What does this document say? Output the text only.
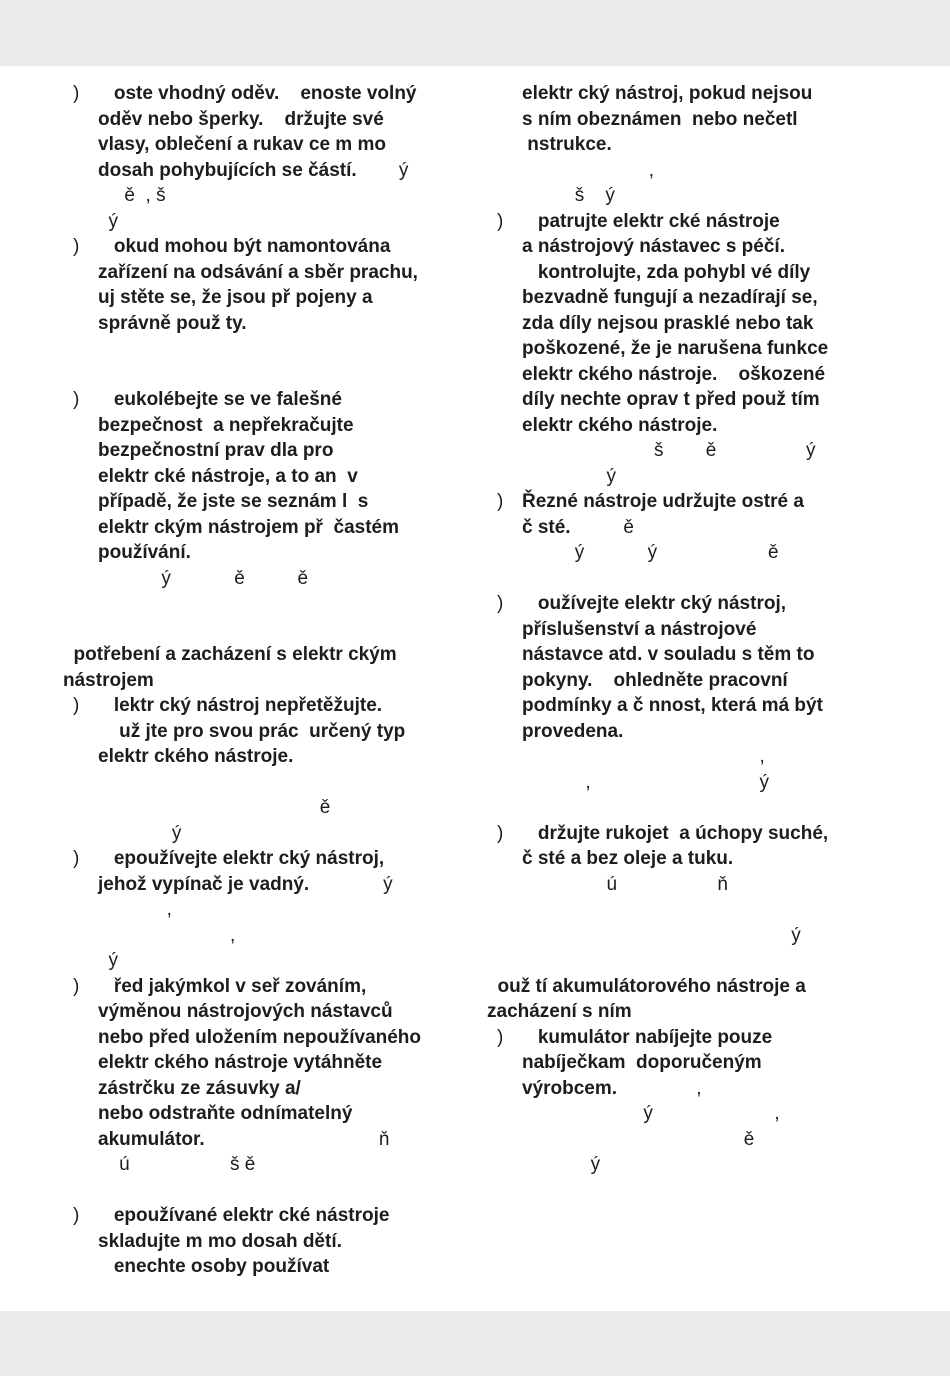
) oste vhodný oděv.    enoste volný
oděv nebo šperky.    držujte své
vlasy, oblečení a rukav ce m mo
dosah pohybujících se částí.        ý
ě  , š
ý
) okud mohou být namontována
zařízení na odsávání a sběr prachu,
uj stěte se, že jsou př pojeny a
správně použ ty.

) eukolébejte se ve falešné
bezpečnost  a nepřekračujte
bezpečnostní prav dla pro
elektr cké nástroje, a to an  v
případě, že jste se seznám l  s
elektr ckým nástrojem př  častém
používání.
ý            ě          ě

potřebení a zacházení s elektr ckým
nástrojem
) lektr cký nástroj nepřetěžujte.
už jte pro svou prác  určený typ
elektr ckého nástroje.

ě
ý
) epoužívejte elektr cký nástroj,
jehož vypínač je vadný.              ý
,
,
ý
) řed jakýmkol v seř zováním,
výměnou nástrojových nástavců
nebo před uložením nepoužívaného
elektr ckého nástroje vytáhněte
zástrčku ze zásuvky a/
nebo odstraňte odnímatelný
akumulátor.                                 ň
ú                   š ě

) epoužívané elektr cké nástroje
skladujte m mo dosah dětí.
enechte osoby používat
elektr cký nástroj, pokud nejsou
s ním obeznámen  nebo nečetl
nstrukce.
,
š    ý
) patrujte elektr cké nástroje
a nástrojový nástavec s péčí.
kontrolujte, zda pohybl vé díly
bezvadně fungují a nezadírají se,
zda díly nejsou prasklé nebo tak
poškozené, že je narušena funkce
elektr ckého nástroje.    oškozené
díly nechte oprav t před použ tím
elektr ckého nástroje.
š        ě                 ý
ý
) Řezné nástroje udržujte ostré a
č sté.          ě
ý            ý                     ě

) oužívejte elektr cký nástroj,
příslušenství a nástrojové
nástavce atd. v souladu s těm to
pokyny.    ohledněte pracovní
podmínky a č nnost, která má být
provedena.
,
,                                ý

) držujte rukojet  a úchopy suché,
č sté a bez oleje a tuku.
ú                   ň

ý

ouž tí akumulátorového nástroje a
zacházení s ním
) kumulátor nabíjejte pouze
nabíječkam  doporučeným
výrobcem.               ,
ý                       ,
ě
ý
